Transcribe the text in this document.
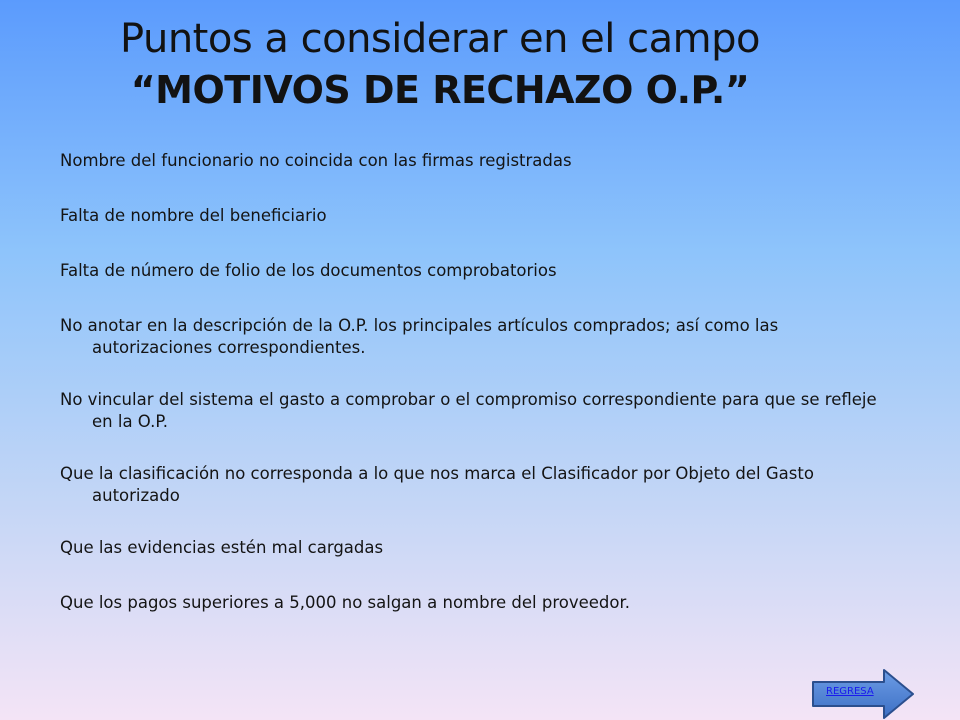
Puntos a considerar en el campo
“MOTIVOS DE RECHAZO O.P.”
Nombre del funcionario no coincida con las firmas registradas
Falta de nombre del beneficiario
Falta de número de folio de los documentos comprobatorios
No anotar en la descripción de la O.P. los principales artículos comprados; así como las autorizaciones correspondientes.
No vincular del sistema el gasto a comprobar o el compromiso correspondiente para que se refleje en la O.P.
Que la clasificación no corresponda a lo que nos marca el Clasificador por Objeto del Gasto autorizado
Que las evidencias estén mal cargadas
Que los pagos superiores a 5,000 no salgan a nombre del proveedor.
REGRESA
